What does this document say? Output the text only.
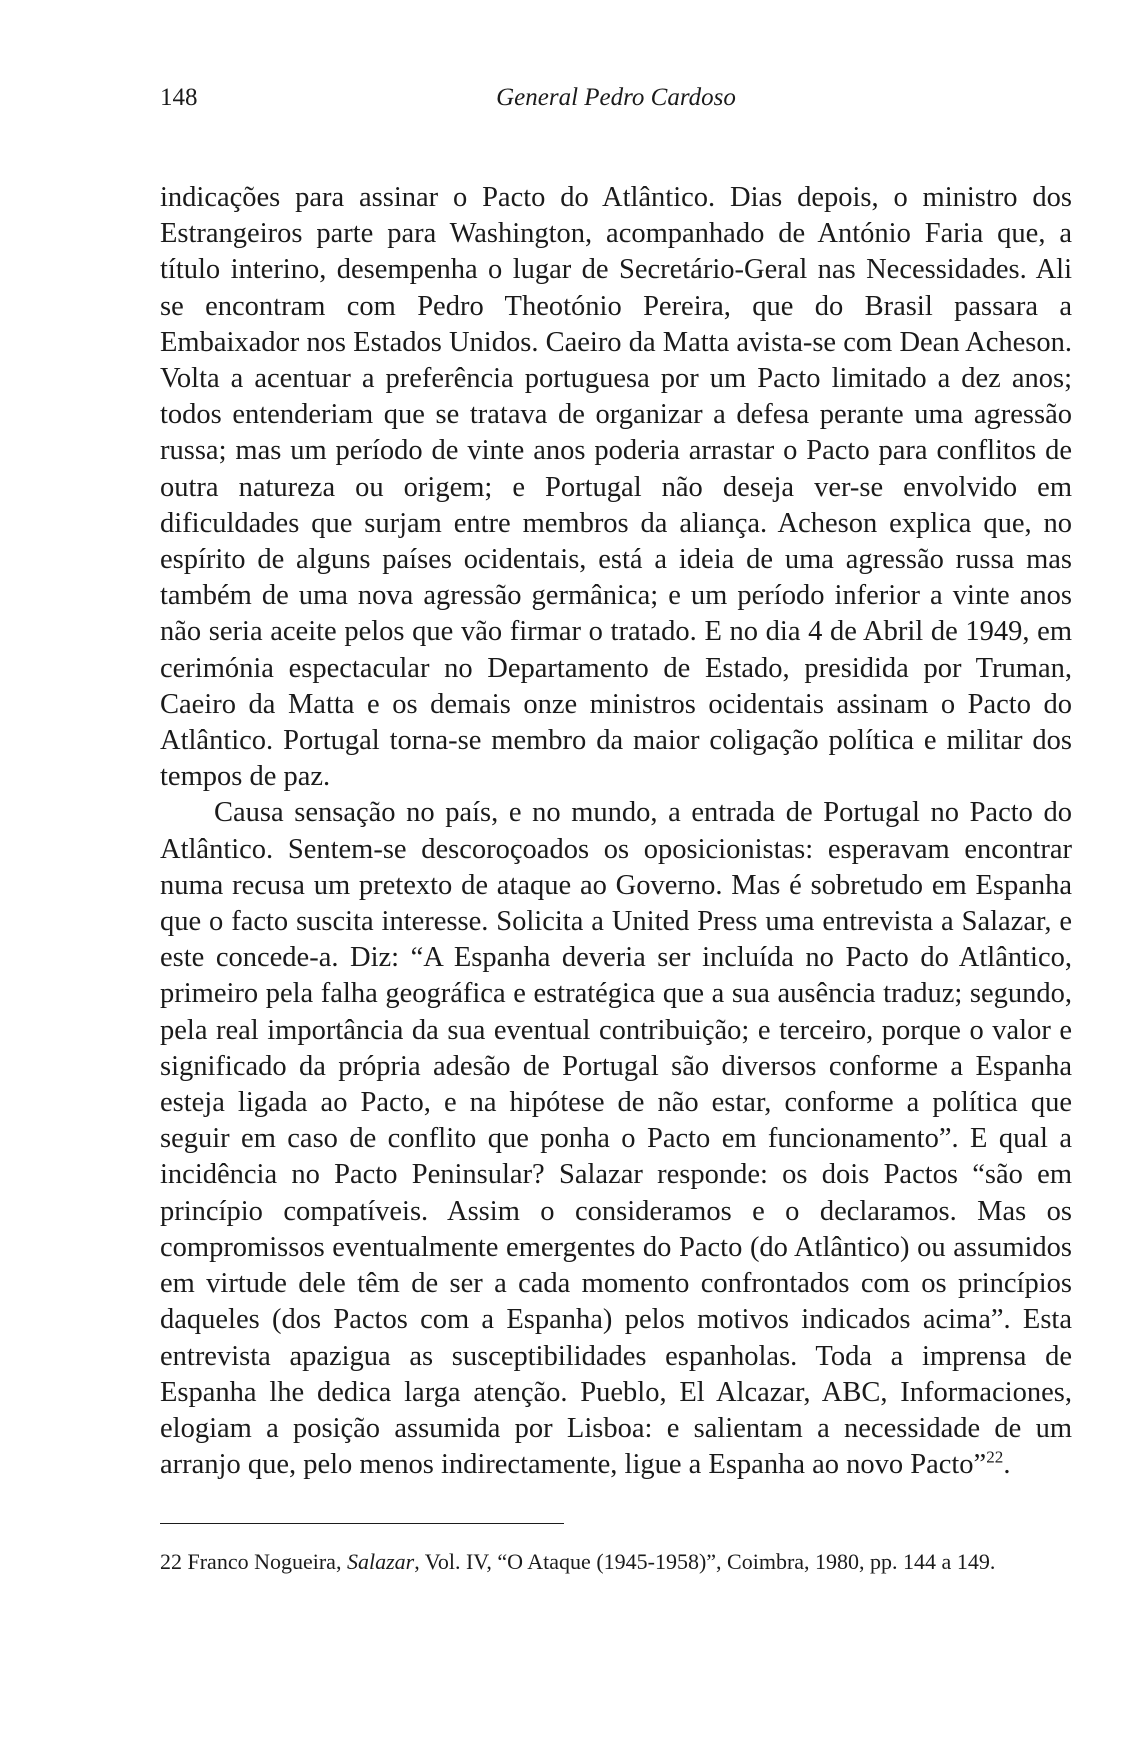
148	General Pedro Cardoso

indicações para assinar o Pacto do Atlântico. Dias depois, o ministro dos Estrangeiros parte para Washington, acompanhado de António Faria que, a título interino, desempenha o lugar de Secretário-Geral nas Necessidades. Ali se encontram com Pedro Theotónio Pereira, que do Brasil passara a Embaixador nos Estados Unidos. Caeiro da Matta avista-se com Dean Acheson. Volta a acentuar a preferência portuguesa por um Pacto limitado a dez anos; todos entenderiam que se tratava de organizar a defesa perante uma agressão russa; mas um período de vinte anos poderia arrastar o Pacto para conflitos de outra natureza ou origem; e Portugal não deseja ver-se envolvido em dificuldades que surjam entre membros da aliança. Acheson explica que, no espírito de alguns países ocidentais, está a ideia de uma agressão russa mas também de uma nova agressão germânica; e um período inferior a vinte anos não seria aceite pelos que vão firmar o tratado. E no dia 4 de Abril de 1949, em cerimónia espectacular no Departamento de Estado, presidida por Truman, Caeiro da Matta e os demais onze ministros ocidentais assinam o Pacto do Atlântico. Portugal torna-se membro da maior coligação política e militar dos tempos de paz.

Causa sensação no país, e no mundo, a entrada de Portugal no Pacto do Atlântico. Sentem-se descoroçoados os oposicionistas: esperavam encontrar numa recusa um pretexto de ataque ao Governo. Mas é sobretudo em Espanha que o facto suscita interesse. Solicita a United Press uma entrevista a Salazar, e este concede-a. Diz: “A Espanha deveria ser incluída no Pacto do Atlântico, primeiro pela falha geográfica e estratégica que a sua ausência traduz; segundo, pela real importância da sua eventual contribuição; e terceiro, porque o valor e significado da própria adesão de Portugal são diversos conforme a Espanha esteja ligada ao Pacto, e na hipótese de não estar, conforme a política que seguir em caso de conflito que ponha o Pacto em funcionamento”. E qual a incidência no Pacto Peninsular? Salazar responde: os dois Pactos “são em princípio compatíveis. Assim o consideramos e o declaramos. Mas os compromissos eventualmente emergentes do Pacto (do Atlântico) ou assumidos em virtude dele têm de ser a cada momento confrontados com os princípios daqueles (dos Pactos com a Espanha) pelos motivos indicados acima”. Esta entrevista apazigua as susceptibilidades espanholas. Toda a imprensa de Espanha lhe dedica larga atenção. Pueblo, El Alcazar, ABC, Informaciones, elogiam a posição assumida por Lisboa: e salientam a necessidade de um arranjo que, pelo menos indirectamente, ligue a Espanha ao novo Pacto”$^{22}$.

22 Franco Nogueira, Salazar, Vol. IV, “O Ataque (1945-1958)”, Coimbra, 1980, pp. 144 a 149.
